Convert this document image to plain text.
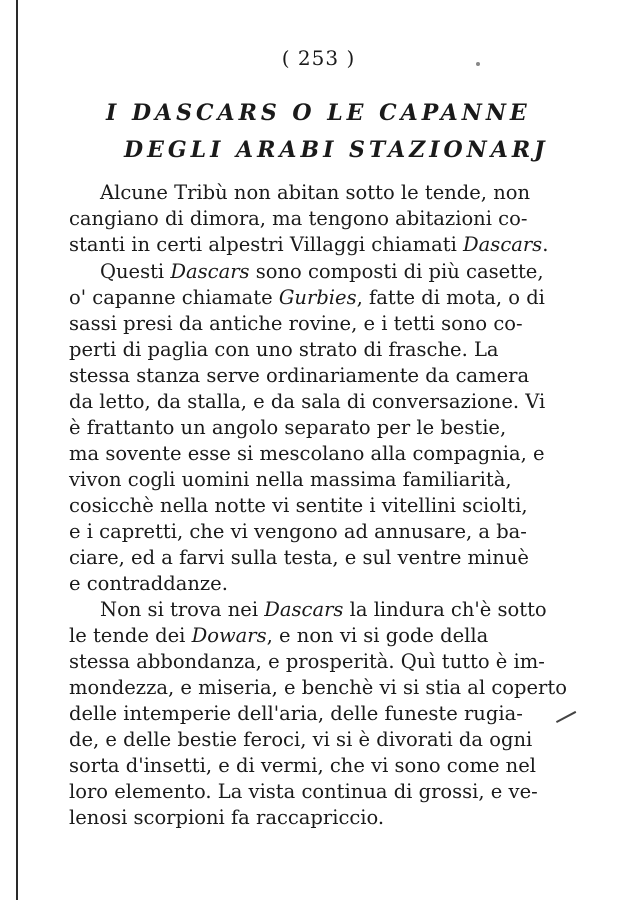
( 253 )
I DASCARS O LE CAPANNE
DEGLI ARABI STAZIONARJ
Alcune Tribù non abitan sotto le tende, non
cangiano di dimora, ma tengono abitazioni co-
stanti in certi alpestri Villaggi chiamati Dascars.
Questi Dascars sono composti di più casette,
o' capanne chiamate Gurbies, fatte di mota, o di
sassi presi da antiche rovine, e i tetti sono co-
perti di paglia con uno strato di frasche. La
stessa stanza serve ordinariamente da camera
da letto, da stalla, e da sala di conversazione. Vi
è frattanto un angolo separato per le bestie,
ma sovente esse si mescolano alla compagnia, e
vivon cogli uomini nella massima familiarità,
cosicchè nella notte vi sentite i vitellini sciolti,
e i capretti, che vi vengono ad annusare, a ba-
ciare, ed a farvi sulla testa, e sul ventre minuè
e contraddanze.
Non si trova nei Dascars la lindura ch'è sotto
le tende dei Dowars, e non vi si gode della
stessa abbondanza, e prosperità. Quì tutto è im-
mondezza, e miseria, e benchè vi si stia al coperto
delle intemperie dell'aria, delle funeste rugia-
de, e delle bestie feroci, vi si è divorati da ogni
sorta d'insetti, e di vermi, che vi sono come nel
loro elemento. La vista continua di grossi, e ve-
lenosi scorpioni fa raccapriccio.
